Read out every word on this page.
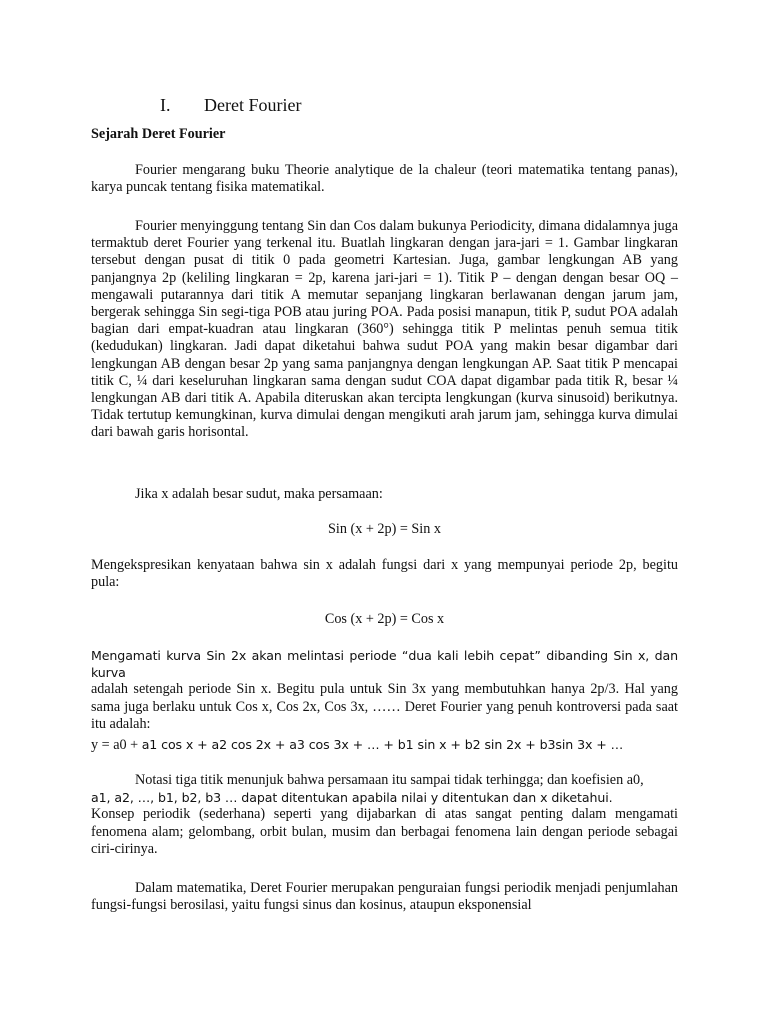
I. Deret Fourier

Sejarah Deret Fourier

Fourier mengarang buku Theorie analytique de la chaleur (teori matematika tentang panas), karya puncak tentang fisika matematikal.

Fourier menyinggung tentang Sin dan Cos dalam bukunya Periodicity, dimana didalamnya juga termaktub deret Fourier yang terkenal itu. Buatlah lingkaran dengan jara-jari = 1. Gambar lingkaran tersebut dengan pusat di titik 0 pada geometri Kartesian. Juga, gambar lengkungan AB yang panjangnya 2p (keliling lingkaran = 2p, karena jari-jari = 1). Titik P – dengan dengan besar OQ – mengawali putarannya dari titik A memutar sepanjang lingkaran berlawanan dengan jarum jam, bergerak sehingga Sin segi-tiga POB atau juring POA. Pada posisi manapun, titik P, sudut POA adalah bagian dari empat-kuadran atau lingkaran (360°) sehingga titik P melintas penuh semua titik (kedudukan) lingkaran. Jadi dapat diketahui bahwa sudut POA yang makin besar digambar dari lengkungan AB dengan besar 2p yang sama panjangnya dengan lengkungan AP. Saat titik P mencapai titik C, ¼ dari keseluruhan lingkaran sama dengan sudut COA dapat digambar pada titik R, besar ¼ lengkungan AB dari titik A. Apabila diteruskan akan tercipta lengkungan (kurva sinusoid) berikutnya. Tidak tertutup kemungkinan, kurva dimulai dengan mengikuti arah jarum jam, sehingga kurva dimulai dari bawah garis horisontal.

Jika x adalah besar sudut, maka persamaan:

Sin (x + 2p) = Sin x

Mengekspresikan kenyataan bahwa sin x adalah fungsi dari x yang mempunyai periode 2p, begitu pula:

Cos (x + 2p) = Cos x

Mengamati kurva Sin 2x akan melintasi periode “dua kali lebih cepat” dibanding Sin x, dan kurva
adalah setengah periode Sin x. Begitu pula untuk Sin 3x yang membutuhkan hanya 2p/3. Hal yang sama juga berlaku untuk Cos x, Cos 2x, Cos 3x, …… Deret Fourier yang penuh kontroversi pada saat itu adalah:
y = a0 + a1 cos x + a2 cos 2x + a3 cos 3x + … + b1 sin x + b2 sin 2x + b3sin 3x + …
Notasi tiga titik menunjuk bahwa persamaan itu sampai tidak terhingga; dan koefisien a0,
a1, a2, …, b1, b2, b3 … dapat ditentukan apabila nilai y ditentukan dan x diketahui.
Konsep periodik (sederhana) seperti yang dijabarkan di atas sangat penting dalam mengamati fenomena alam; gelombang, orbit bulan, musim dan berbagai fenomena lain dengan periode sebagai ciri-cirinya.

Dalam matematika, Deret Fourier merupakan penguraian fungsi periodik menjadi penjumlahan fungsi-fungsi berosilasi, yaitu fungsi sinus dan kosinus, ataupun eksponensial
